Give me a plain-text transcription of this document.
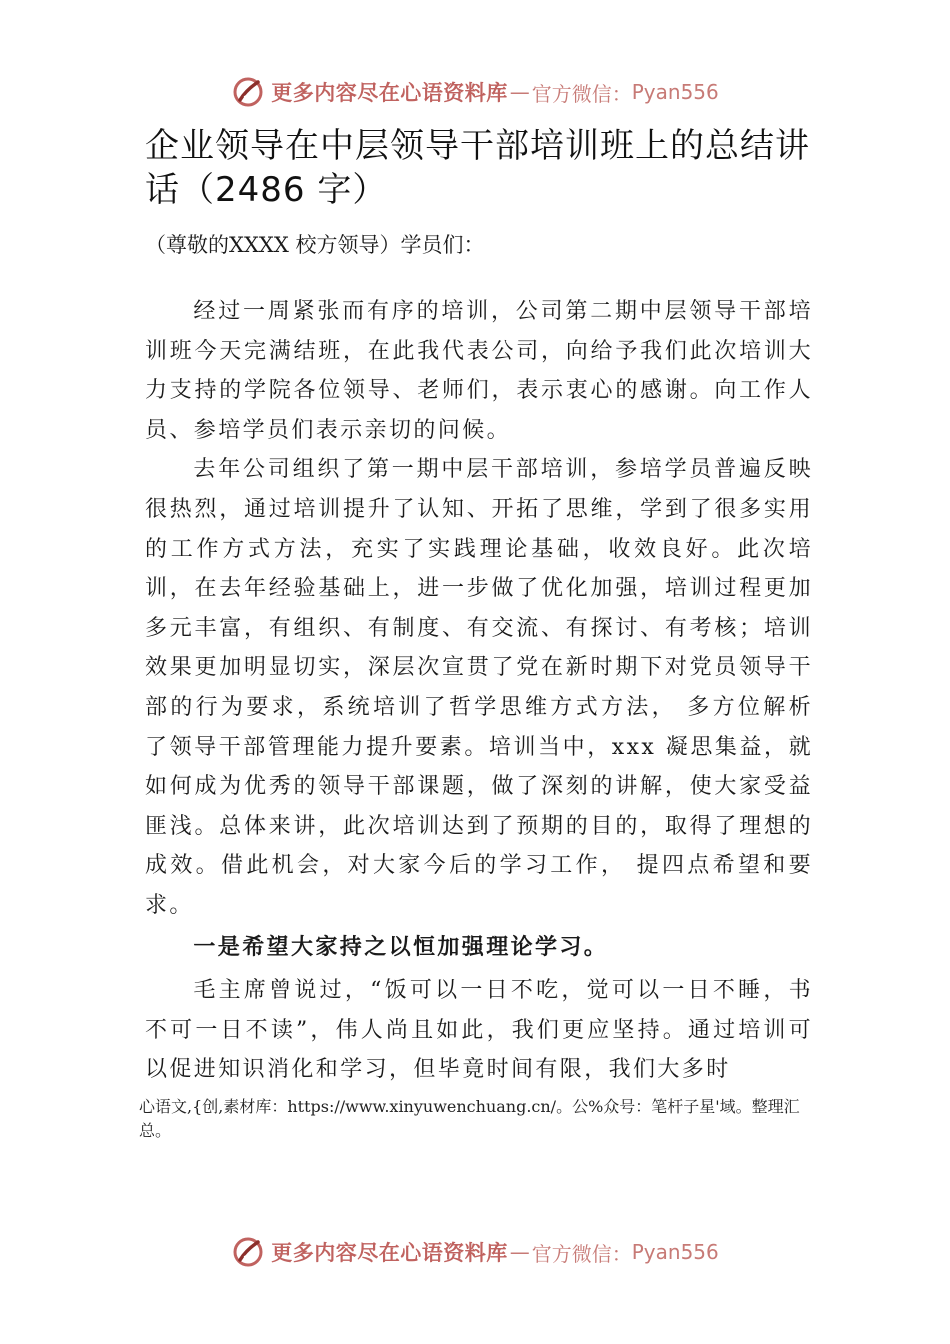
更多内容尽在心语资料库 — 官方微信： Pyan556
企业领导在中层领导干部培训班上的总结讲话（2486 字）

（尊敬的XXXX 校方领导）学员们：

经过一周紧张而有序的培训，公司第二期中层领导干部培训班今天完满结班，在此我代表公司，向给予我们此次培训大力支持的学院各位领导、老师们，表示衷心的感谢。向工作人员、参培学员们表示亲切的问候。

去年公司组织了第一期中层干部培训，参培学员普遍反映很热烈，通过培训提升了认知、开拓了思维，学到了很多实用的工作方式方法，充实了实践理论基础，收效良好。此次培训，在去年经验基础上，进一步做了优化加强，培训过程更加多元丰富，有组织、有制度、有交流、有探讨、有考核；培训效果更加明显切实，深层次宣贯了党在新时期下对党员领导干部的行为要求，系统培训了哲学思维方式方法， 多方位解析了领导干部管理能力提升要素。培训当中，xxx 凝思集益，就如何成为优秀的领导干部课题，做了深刻的讲解，使大家受益匪浅。总体来讲，此次培训达到了预期的目的，取得了理想的成效。借此机会，对大家今后的学习工作， 提四点希望和要求。

一是希望大家持之以恒加强理论学习。

毛主席曾说过，“饭可以一日不吃，觉可以一日不睡，书不可一日不读”，伟人尚且如此，我们更应坚持。通过培训可以促进知识消化和学习，但毕竟时间有限，我们大多时

心语文,{创,素材库：https://www.xinyuwenchuang.cn/。公%众号：笔杆子星'域。整理汇总。

更多内容尽在心语资料库 — 官方微信： Pyan556
